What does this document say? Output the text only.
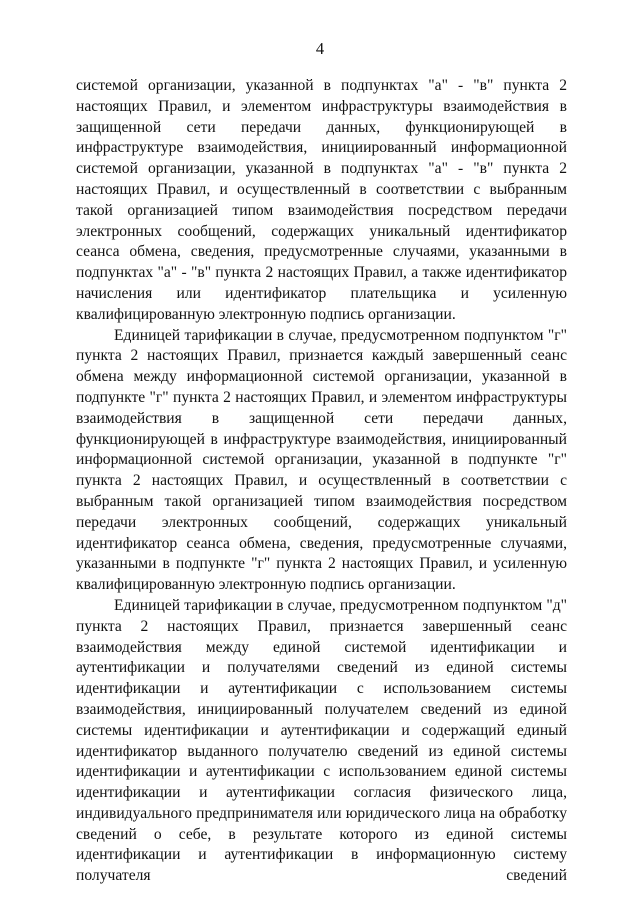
4

системой организации, указанной в подпунктах "а" - "в" пункта 2 настоящих Правил, и элементом инфраструктуры взаимодействия в защищенной сети передачи данных, функционирующей в инфраструктуре взаимодействия, инициированный информационной системой организации, указанной в подпунктах "а" - "в" пункта 2 настоящих Правил, и осуществленный в соответствии с выбранным такой организацией типом взаимодействия посредством передачи электронных сообщений, содержащих уникальный идентификатор сеанса обмена, сведения, предусмотренные случаями, указанными в подпунктах "а" - "в" пункта 2 настоящих Правил, а также идентификатор начисления или идентификатор плательщика и усиленную квалифицированную электронную подпись организации.

Единицей тарификации в случае, предусмотренном подпунктом "г" пункта 2 настоящих Правил, признается каждый завершенный сеанс обмена между информационной системой организации, указанной в подпункте "г" пункта 2 настоящих Правил, и элементом инфраструктуры взаимодействия в защищенной сети передачи данных, функционирующей в инфраструктуре взаимодействия, инициированный информационной системой организации, указанной в подпункте "г" пункта 2 настоящих Правил, и осуществленный в соответствии с выбранным такой организацией типом взаимодействия посредством передачи электронных сообщений, содержащих уникальный идентификатор сеанса обмена, сведения, предусмотренные случаями, указанными в подпункте "г" пункта 2 настоящих Правил, и усиленную квалифицированную электронную подпись организации.

Единицей тарификации в случае, предусмотренном подпунктом "д" пункта 2 настоящих Правил, признается завершенный сеанс взаимодействия между единой системой идентификации и аутентификации и получателями сведений из единой системы идентификации и аутентификации с использованием системы взаимодействия, инициированный получателем сведений из единой системы идентификации и аутентификации и содержащий единый идентификатор выданного получателю сведений из единой системы идентификации и аутентификации с использованием единой системы идентификации и аутентификации согласия физического лица, индивидуального предпринимателя или юридического лица на обработку сведений о себе, в результате которого из единой системы идентификации и аутентификации в информационную систему получателя сведений
